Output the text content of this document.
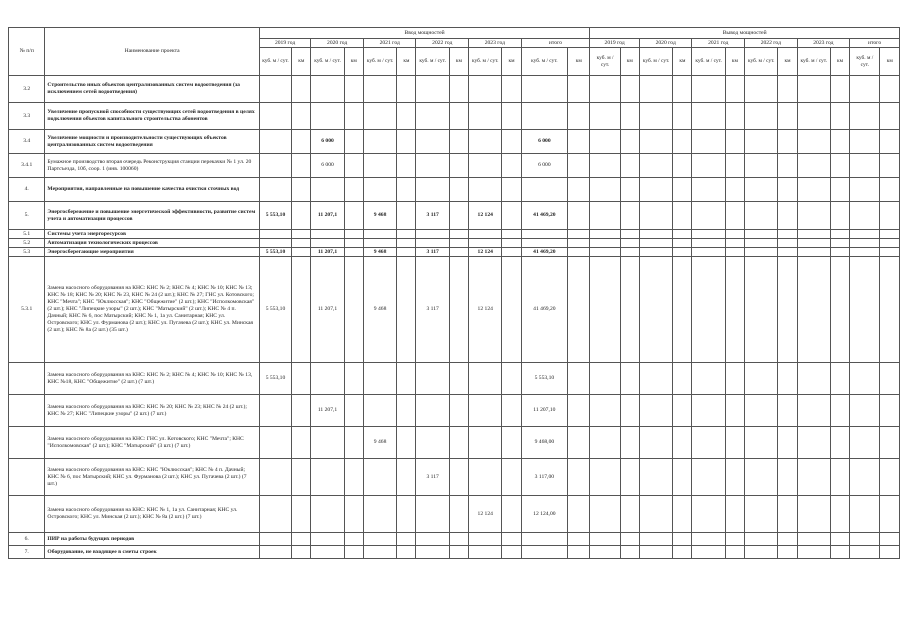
№ п/п	Наименование проекта	Ввод мощностей												Вывод мощностей											
		2019 год		2020 год		2021 год		2022 год		2023 год		итого		2019 год		2020 год		2021 год		2022 год		2023 год		итого	
		куб. м / сут.	км	куб. м / сут.	км	куб. м / сут.	км	куб. м / сут.	км	куб. м / сут.	км	куб. м / сут.	км	куб. м / сут.	км	куб. м / сут.	км	куб. м / сут.	км	куб. м / сут.	км	куб. м / сут.	км	куб. м / сут.	км
3.2	Строительство иных объектов централизованных систем водоотведения (за исключением сетей водоотведения)																								
3.3	Увеличение пропускной способности существующих сетей водоотведения в целях подключения объектов капитального строительства абонентов																								
3.4	Увеличение мощности и производительности существующих объектов централизованных систем водоотведения			6 000								6 000													
3.4.1	Бумажное производство вторая очередь Реконструкция станции перекачки № 1 ул. 20 Партсъезда, 10б, соор. 1 (инв. 100060)			6 000								6 000													
4.	Мероприятия, направленные на повышение качества очистки сточных вод																								
5.	Энергосбережение и повышение энергетической эффективности, развитие систем учета и автоматизации процессов	5 553,10		11 207,1		9 468		3 117		12 124		41 469,20													
5.1	Системы учета энергоресурсов																								
5.2	Автоматизация технологических процессов																								
5.3	Энергосберегающие мероприятия	5 553,10		11 207,1		9 468		3 117		12 124		41 469,20													
5.3.1	Замена насосного оборудования на КНС: КНС № 2; КНС № 4; КНС № 10; КНС № 13; КНС № 18; КНС № 20; КНС № 23, КНС № 24 (2 шт.); КНС № 27; ГНС ул. Котовского; КНС "Мечта"; КНС "Юклюсская"; КНС "Общежитие" (2 шт.); КНС "Исполкомовская" (2 шт.); КНС "Липецкие узоры" (2 шт.); КНС "Матырский" (2 шт.); КНС № 4 п. Дачный; КНС № 6, пос Матырский; КНС № 1, 1а ул. Санитарная; КНС ул. Островского; КНС ул. Фурманова (2 шт.); КНС ул. Пугачева (2 шт.); КНС ул. Минская (2 шт.); КНС № 8а (2 шт.) (35 шт.)	5 553,10		11 207,1		9 468		3 117		12 124		41 469,20													
	Замена насосного оборудования на КНС: КНС № 2; КНС № 4; КНС № 10; КНС № 13, КНС №18, КНС "Общежитие" (2 шт.) (7 шт.)	5 553,10										5 553,10													
	Замена насосного оборудования на КНС: КНС № 20; КНС № 23; КНС № 24 (2 шт.); КНС № 27; КНС "Липецкие узоры" (2 шт.) (7 шт.)			11 207,1								11 207,10													
	Замена насосного оборудования на КНС: ГНС ул. Котовского; КНС "Мечта"; КНС "Исполкомовская" (2 шт.); КНС "Матырский" (3 шт.) (7 шт.)					9 468						9 468,00													
	Замена насосного оборудования на КНС: КНС "Юклюсская"; КНС № 4 п. Дачный; КНС № 6, пос Матырский; КНС ул. Фурманова (2 шт.); КНС ул. Пугачева (2 шт.) (7 шт.)							3 117				3 117,00													
	Замена насосного оборудования на КНС: КНС № 1, 1а ул. Санитарная; КНС ул. Островского; КНС ул. Минская (2 шт.); КНС № 8а (2 шт.) (7 шт.)									12 124		12 124,00													
6.	ПИР на работы будущих периодов																								
7.	Оборудование, не входящее в сметы строек																								
